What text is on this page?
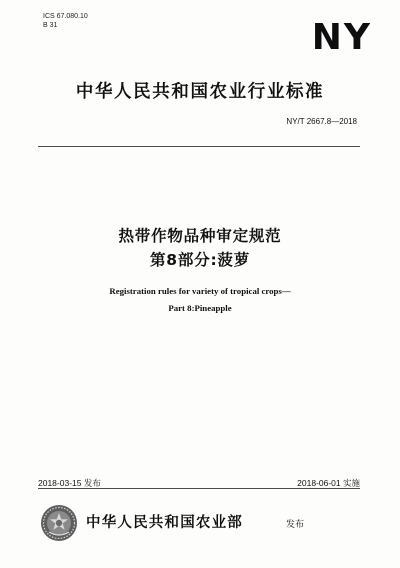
ICS 67.080.10
B 31	NY
中华人民共和国农业行业标准
NY/T 2667.8—2018
热带作物品种审定规范
第8部分:菠萝
Registration rules for variety of tropical crops—
Part 8:Pineapple
2018-03-15 发布	2018-06-01 实施
中华人民共和国农业部	发布
